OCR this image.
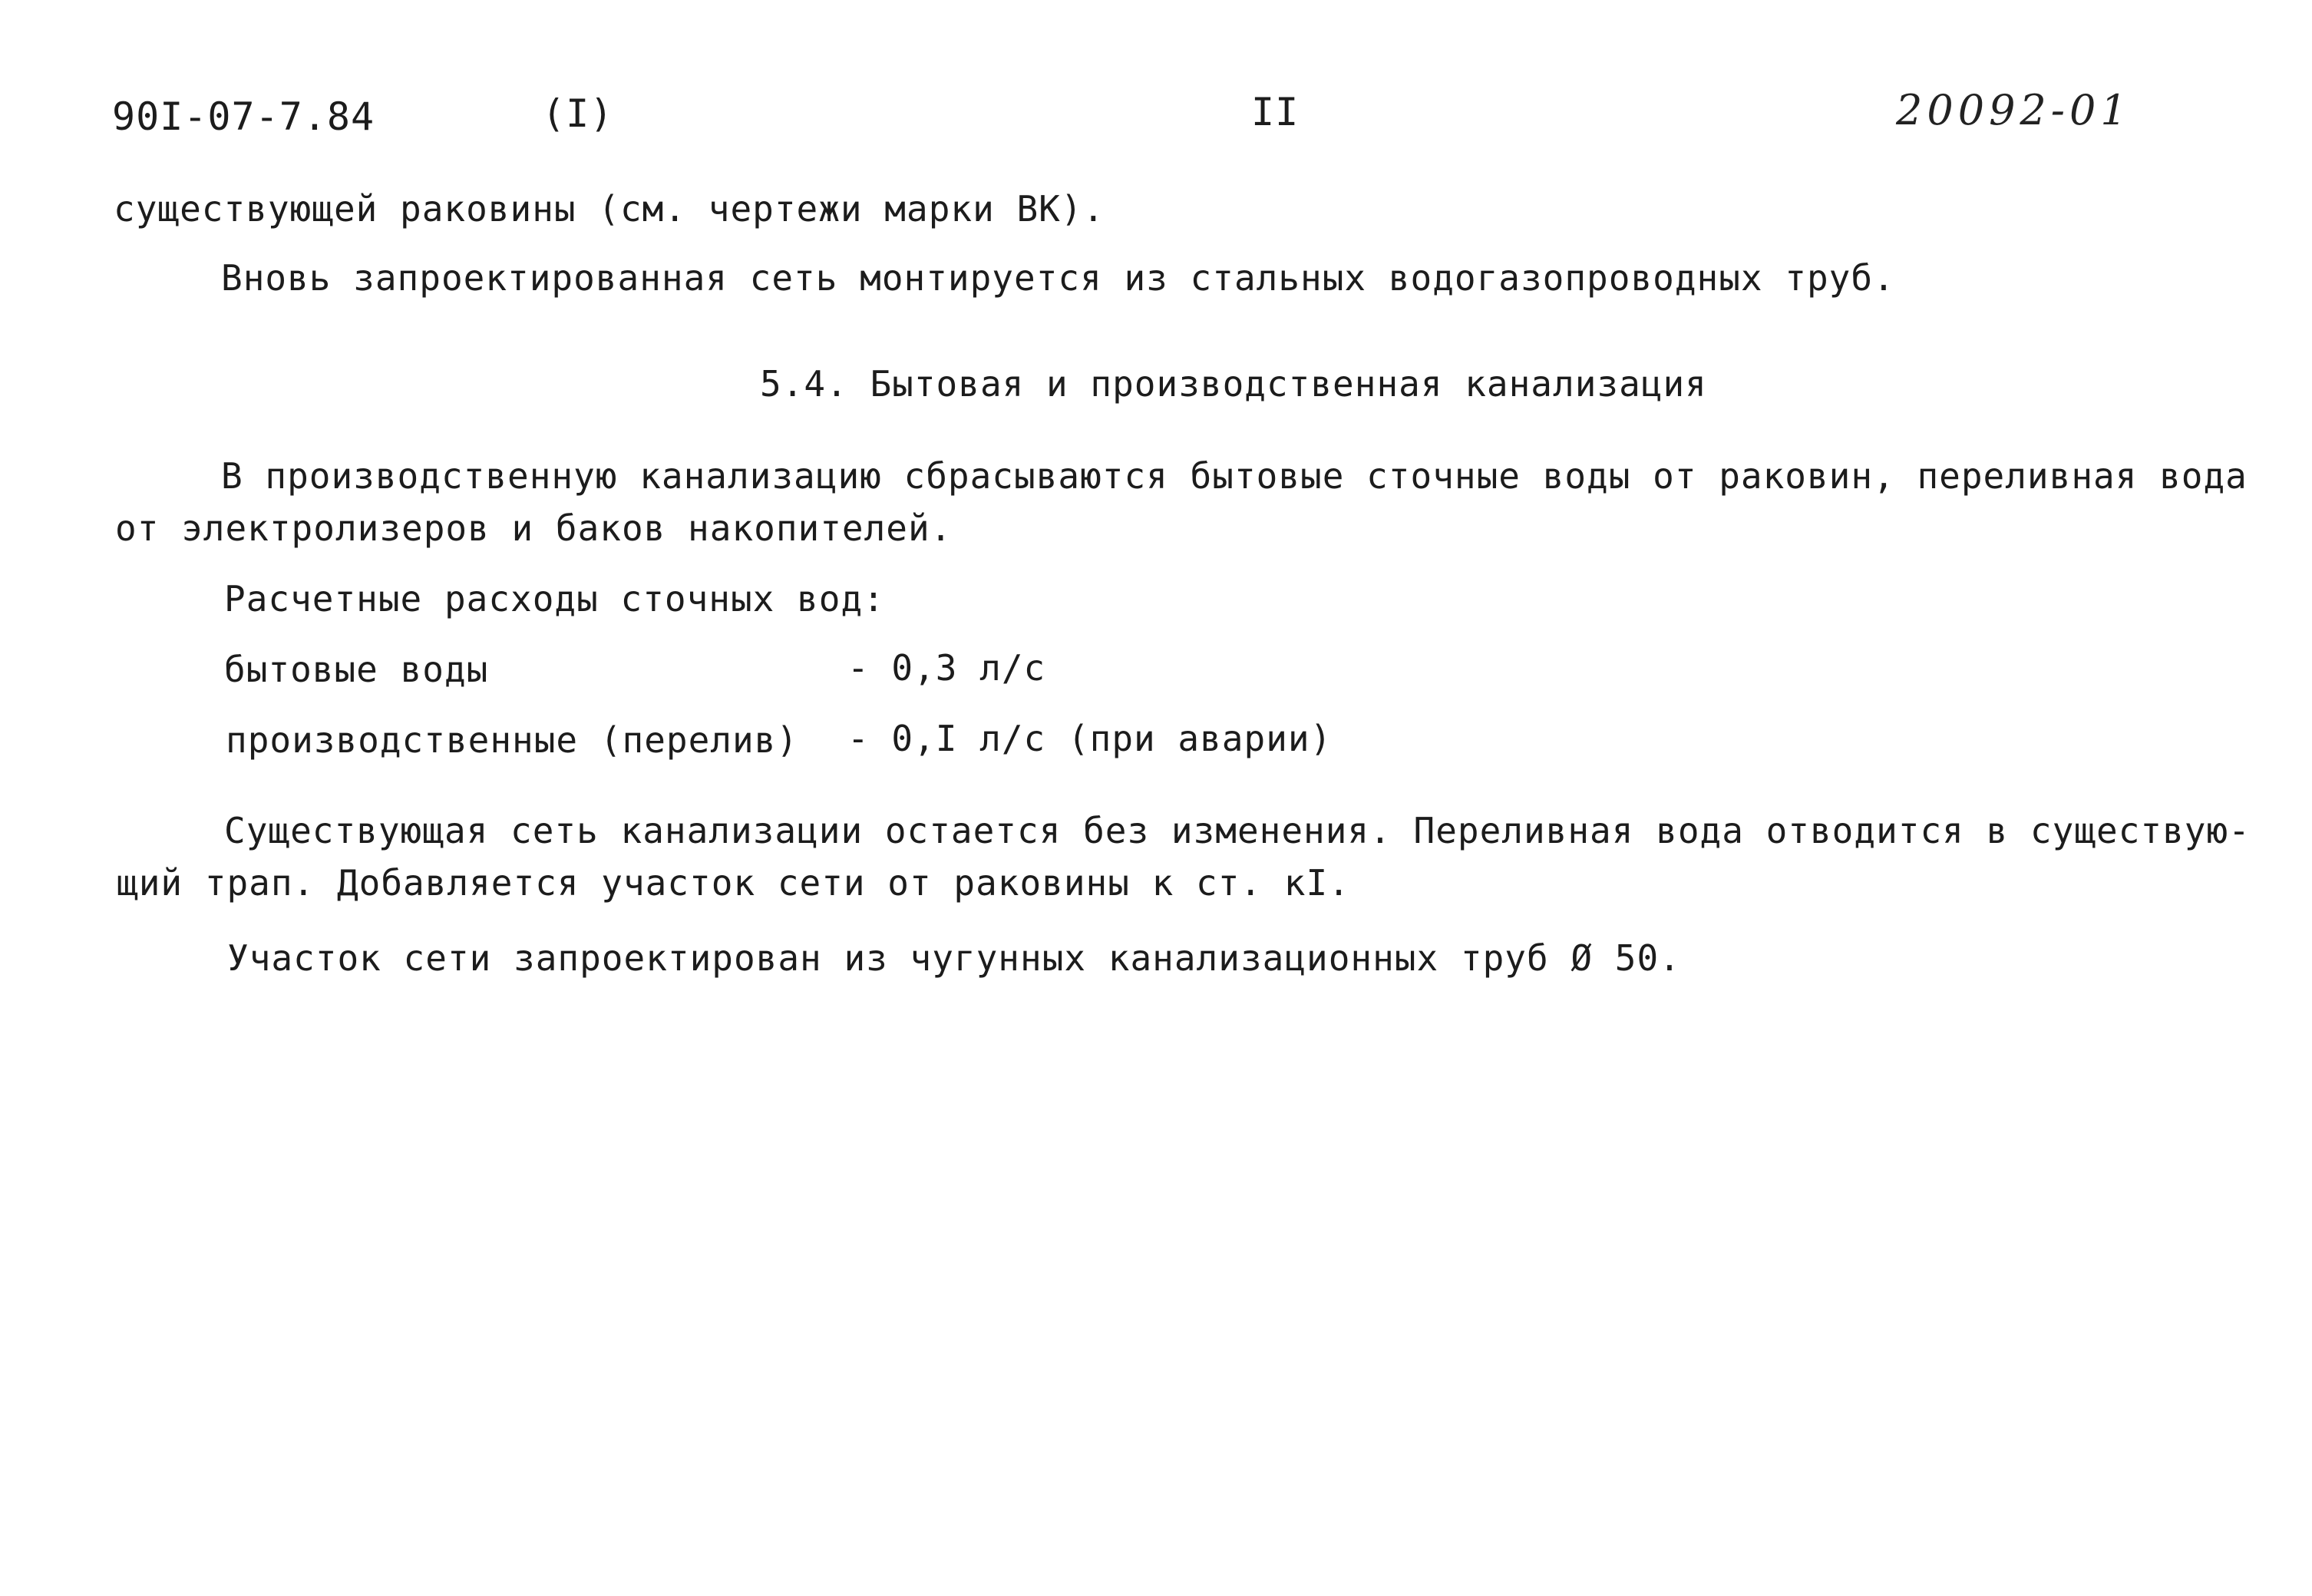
90I-07-7.84	(I)	II	20092-01
существующей раковины (см. чертежи марки ВК).
Вновь запроектированная сеть монтируется из стальных водогазопроводных труб.
5.4. Бытовая и производственная канализация
В производственную канализацию сбрасываются бытовые сточные воды от раковин, переливная вода
от электролизеров и баков накопителей.
Расчетные расходы сточных вод:
бытовые воды	- 0,3 л/с
производственные (перелив) - 0,I л/с (при аварии)
Существующая сеть канализации остается без изменения. Переливная вода отводится в существую-
щий трап. Добавляется участок сети от раковины к ст. кI.
Участок сети запроектирован из чугунных канализационных труб Ø 50.
